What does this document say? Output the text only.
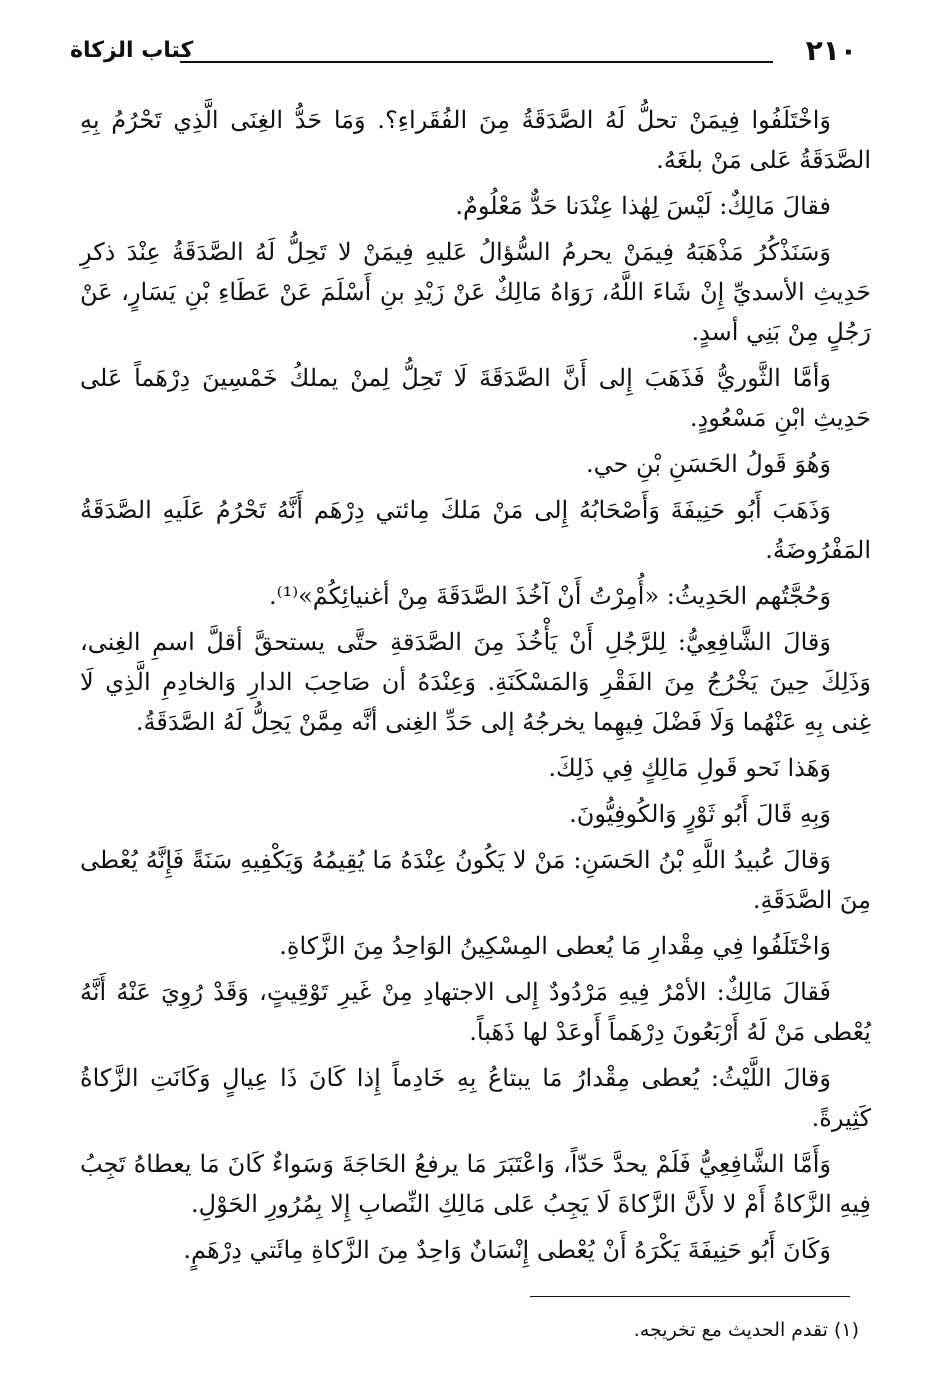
٢١٠
كتاب الزكاة

وَاخْتَلَفُوا فِيمَنْ تحلُّ لَهُ الصَّدَقَةُ مِنَ الفُقَراءِ؟. وَمَا حَدُّ الغِنَى الَّذِي تَحْرُمُ بِهِ الصَّدَقَةُ عَلى مَنْ بلغَهُ.

فقالَ مَالِكٌ: لَيْسَ لِهٰذا عِنْدَنا حَدٌّ مَعْلُومٌ.

وَسَنَذْكُرُ مَذْهَبَهُ فِيمَنْ يحرمُ السُّؤالُ عَليهِ فِيمَنْ لا تَحِلُّ لَهُ الصَّدَقَةُ عِنْدَ ذكرِ حَدِيثِ الأسديِّ إِنْ شَاءَ اللَّهُ، رَوَاهُ مَالِكٌ عَنْ زَيْدِ بنِ أَسْلَمَ عَنْ عَطَاءِ بْنِ يَسَارٍ، عَنْ رَجُلٍ مِنْ بَنِي أسدٍ.

وَأمَّا الثَّوريُّ فَذَهَبَ إِلى أَنَّ الصَّدَقَةَ لَا تَحِلُّ لِمنْ يملكُ خَمْسِينَ دِرْهَماً عَلى حَدِيثِ ابْنِ مَسْعُودٍ.

وَهُوَ قَولُ الحَسَنِ بْنِ حي.

وَذَهَبَ أَبُو حَنِيفَةَ وَأَصْحَابُهُ إِلى مَنْ مَلكَ مِائتي دِرْهَم أَنَّهُ تَحْرُمُ عَلَيهِ الصَّدَقَةُ المَفْرُوضَةُ.

وَحُجَّتُهم الحَدِيثُ: «أُمِرْتُ أَنْ آخُذَ الصَّدَقَةَ مِنْ أغنيائِكُمْ»⁽¹⁾.

وَقالَ الشَّافِعِيُّ: لِلرَّجُلِ أَنْ يَأْخُذَ مِنَ الصَّدَقةِ حتَّى يستحقَّ أقلَّ اسمِ الغِنى، وَذَلِكَ حِينَ يَخْرُجُ مِنَ الفَقْرِ وَالمَسْكَنَةِ. وَعِنْدَهُ أن صَاحِبَ الدارِ وَالخادِمِ الَّذِي لَا غِنى بِهِ عَنْهُما وَلَا فَضْلَ فِيهِما يخرجُهُ إلى حَدِّ الغِنى أنَّه مِمَّنْ يَحِلُّ لَهُ الصَّدَقَةُ.

وَهَذا نَحو قَولِ مَالِكٍ فِي ذَلِكَ.

وَبِهِ قَالَ أَبُو ثَوْرٍ وَالكُوفِيُّونَ.

وَقالَ عُبيدُ اللَّهِ بْنُ الحَسَنِ: مَنْ لا يَكُونُ عِنْدَهُ مَا يُقِيمُهُ وَيَكْفِيهِ سَنَةً فَإِنَّهُ يُعْطى مِنَ الصَّدَقَةِ.

وَاخْتَلَفُوا فِي مِقْدارِ مَا يُعطى المِسْكِينُ الوَاحِدُ مِنَ الزَّكاةِ.

فَقالَ مَالِكٌ: الأمْرُ فِيهِ مَرْدُودٌ إِلى الاجتهادِ مِنْ غَيرِ تَوْقِيتٍ، وَقَدْ رُوِيَ عَنْهُ أَنَّهُ يُعْطى مَنْ لَهُ أَرْبَعُونَ دِرْهَماً أَوعَدْ لها ذَهَباً.

وَقالَ اللَّيْثُ: يُعطى مِقْدارُ مَا يبتاعُ بِهِ خَادِماً إِذا كَانَ ذَا عِيالٍ وَكَانَتِ الزَّكاةُ كَثِيرةً.

وَأَمَّا الشَّافِعِيُّ فَلَمْ يحدَّ حَدّاً، وَاعْتَبَرَ مَا يرفعُ الحَاجَةَ وَسَواءٌ كَانَ مَا يعطاهُ تَجِبُ فِيهِ الزَّكاةُ أَمْ لا لأَنَّ الزَّكاةَ لَا يَجِبُ عَلى مَالِكِ النِّصابِ إِلا بِمُرُورِ الحَوْلِ.

وَكَانَ أَبُو حَنِيفَةَ يَكْرَهُ أَنْ يُعْطى إِنْسَانٌ وَاحِدٌ مِنَ الزَّكاةِ مِائَتي دِرْهَمٍ.

(١) تقدم الحديث مع تخريجه.
